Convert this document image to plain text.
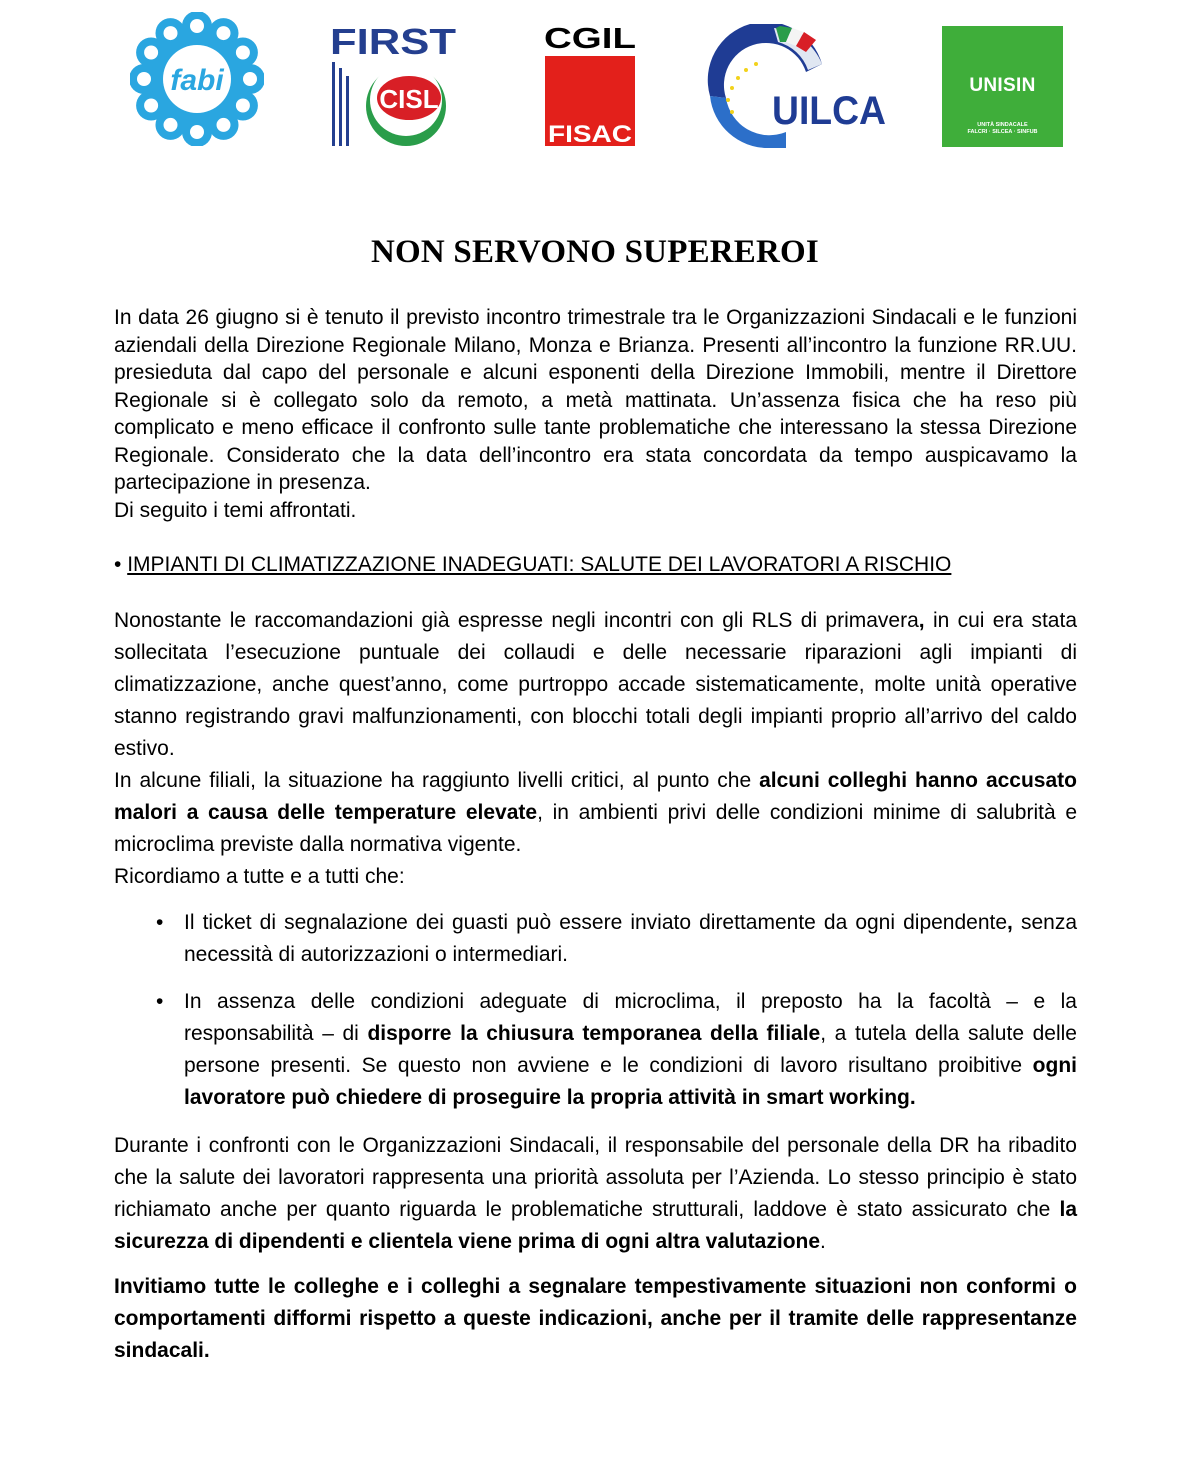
fabi
FIRST
CISL
CGIL
FISAC
UILCA
UNISIN
UNITÀ SINDACALE
FALCRI · SILCEA · SINFUB
NON SERVONO SUPEREROI

In data 26 giugno si è tenuto il previsto incontro trimestrale tra le Organizzazioni Sindacali e le funzioni aziendali della Direzione Regionale Milano, Monza e Brianza. Presenti all’incontro la funzione RR.UU. presieduta dal capo del personale e alcuni esponenti della Direzione Immobili, mentre il Direttore Regionale si è collegato solo da remoto, a metà mattinata. Un’assenza fisica che ha reso più complicato e meno efficace il confronto sulle tante problematiche che interessano la stessa Direzione Regionale. Considerato che la data dell’incontro era stata concordata da tempo auspicavamo la partecipazione in presenza.

Di seguito i temi affrontati.

• IMPIANTI DI CLIMATIZZAZIONE INADEGUATI: SALUTE DEI LAVORATORI A RISCHIO

Nonostante le raccomandazioni già espresse negli incontri con gli RLS di primavera, in cui era stata sollecitata l’esecuzione puntuale dei collaudi e delle necessarie riparazioni agli impianti di climatizzazione, anche quest’anno, come purtroppo accade sistematicamente, molte unità operative stanno registrando gravi malfunzionamenti, con blocchi totali degli impianti proprio all’arrivo del caldo estivo.

In alcune filiali, la situazione ha raggiunto livelli critici, al punto che alcuni colleghi hanno accusato malori a causa delle temperature elevate, in ambienti privi delle condizioni minime di salubrità e microclima previste dalla normativa vigente.

Ricordiamo a tutte e a tutti che:

• Il ticket di segnalazione dei guasti può essere inviato direttamente da ogni dipendente, senza necessità di autorizzazioni o intermediari.
• In assenza delle condizioni adeguate di microclima, il preposto ha la facoltà – e la responsabilità – di disporre la chiusura temporanea della filiale, a tutela della salute delle persone presenti. Se questo non avviene e le condizioni di lavoro risultano proibitive ogni lavoratore può chiedere di proseguire la propria attività in smart working.

Durante i confronti con le Organizzazioni Sindacali, il responsabile del personale della DR ha ribadito che la salute dei lavoratori rappresenta una priorità assoluta per l’Azienda. Lo stesso principio è stato richiamato anche per quanto riguarda le problematiche strutturali, laddove è stato assicurato che la sicurezza di dipendenti e clientela viene prima di ogni altra valutazione.

Invitiamo tutte le colleghe e i colleghi a segnalare tempestivamente situazioni non conformi o comportamenti difformi rispetto a queste indicazioni, anche per il tramite delle rappresentanze sindacali.
